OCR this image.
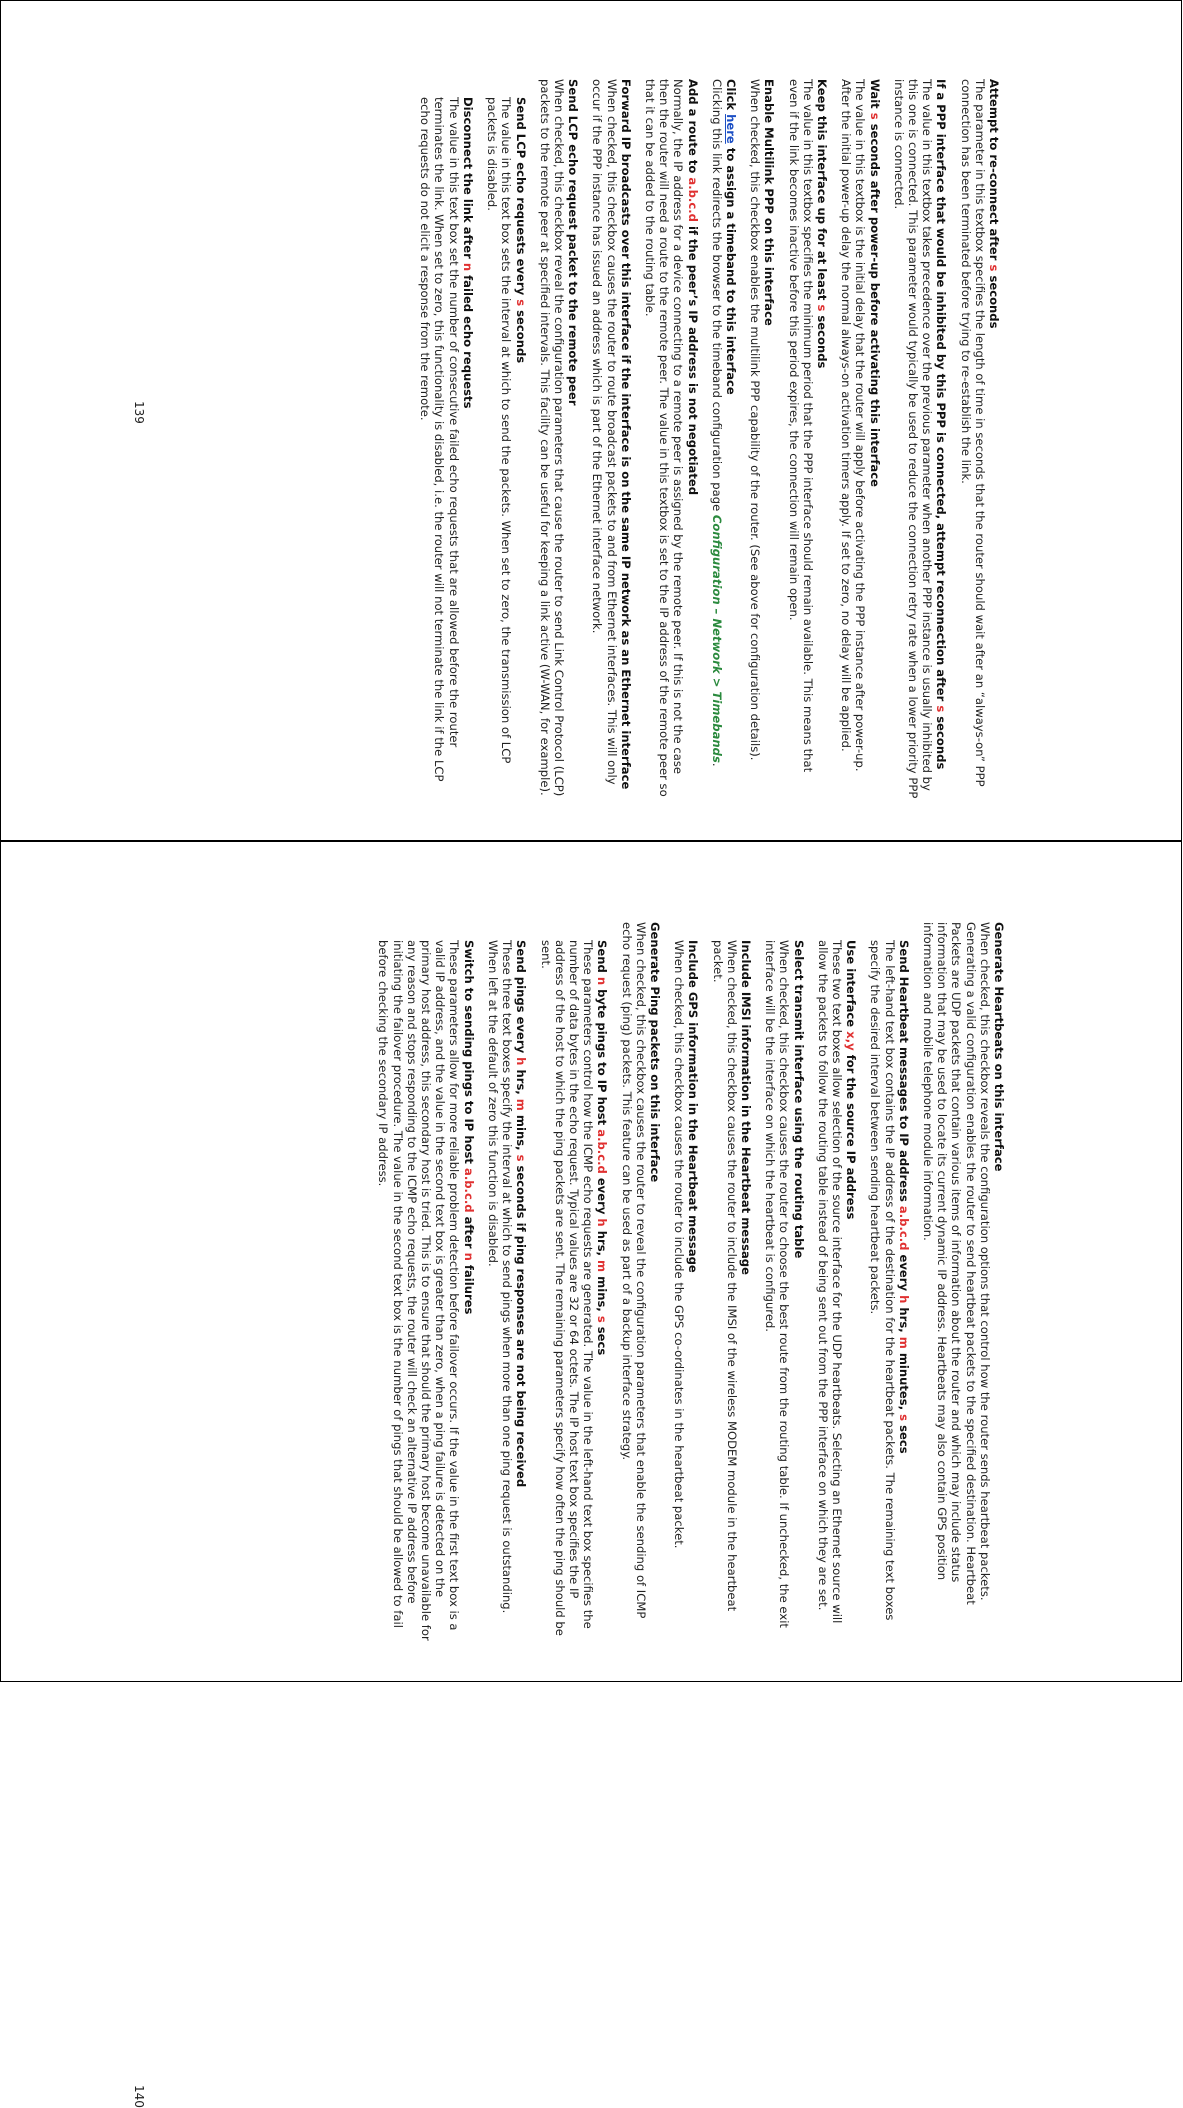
Attempt to re-connect after s seconds
The parameter in this textbox specifies the length of time in seconds that the router should wait after an “always-on” PPP connection has been terminated before trying to re-establish the link.
If a PPP interface that would be inhibited by this PPP is connected, attempt reconnection after s seconds
The value in this textbox takes precedence over the previous parameter when another PPP instance is usually inhibited by this one is connected. This parameter would typically be used to reduce the connection retry rate when a lower priority PPP instance is connected.
Wait s seconds after power-up before activating this interface
The value in this textbox is the initial delay that the router will apply before activating the PPP instance after power-up. After the initial power-up delay the normal always-on activation timers apply. If set to zero, no delay will be applied.
Keep this interface up for at least s seconds
The value in this textbox specifies the minimum period that the PPP interface should remain available. This means that even if the link becomes inactive before this period expires, the connection will remain open.
Enable Multilink PPP on this interface
When checked, this checkbox enables the multilink PPP capability of the router. (See above for configuration details).
Click here to assign a timeband to this interface
Clicking this link redirects the browser to the timeband configuration page Configuration – Network > Timebands.
Add a route to a.b.c.d if the peer’s IP address is not negotiated
Normally, the IP address for a device connecting to a remote peer is assigned by the remote peer. If this is not the case then the router will need a route to the remote peer. The value in this textbox is set to the IP address of the remote peer so that it can be added to the routing table.
Forward IP broadcasts over this interface if the interface is on the same IP network as an Ethernet interface
When checked, this checkbox causes the router to route broadcast packets to and from Ethernet interfaces. This will only occur if the PPP instance has issued an address which is part of the Ethernet interface network.
Send LCP echo request packet to the remote peer
When checked, this checkbox reveal the configuration parameters that cause the router to send Link Control Protocol (LCP) packets to the remote peer at specified intervals. This facility can be useful for keeping a link active (W-WAN, for example).
Send LCP echo requests every s seconds
The value in this text box sets the interval at which to send the packets. When set to zero, the transmission of LCP packets is disabled.
Disconnect the link after n failed echo requests
The value in this text box set the number of consecutive failed echo requests that are allowed before the router terminates the link. When set to zero, this functionality is disabled, i.e. the router will not terminate the link if the LCP echo requests do not elicit a response from the remote.
139
Generate Heartbeats on this interface
When checked, this checkbox reveals the configuration options that control how the router sends heartbeat packets. Generating a valid configuration enables the router to send heartbeat packets to the specified destination. Heartbeat Packets are UDP packets that contain various items of information about the router and which may include status information that may be used to locate its current dynamic IP address. Heartbeats may also contain GPS position information and mobile telephone module information.
Send Heartbeat messages to IP address a.b.c.d every h hrs, m minutes, s secs
The left-hand text box contains the IP address of the destination for the heartbeat packets. The remaining text boxes specify the desired interval between sending heartbeat packets.
Use interface x,y for the source IP address
These two text boxes allow selection of the source interface for the UDP heartbeats. Selecting an Ethernet source will allow the packets to follow the routing table instead of being sent out from the PPP interface on which they are set.
Select transmit interface using the routing table
When checked, this checkbox causes the router to choose the best route from the routing table. If unchecked, the exit interface will be the interface on which the heartbeat is configured.
Include IMSI information in the Heartbeat message
When checked, this checkbox causes the router to include the IMSI of the wireless MODEM module in the heartbeat packet.
Include GPS information in the Heartbeat message
When checked, this checkbox causes the router to include the GPS co-ordinates in the heartbeat packet.
Generate Ping packets on this interface
When checked, this checkbox causes the router to reveal the configuration parameters that enable the sending of ICMP echo request (ping) packets. This feature can be used as part of a backup interface strategy.
Send n byte pings to IP host a.b.c.d every h hrs, m mins, s secs
These parameters control how the ICMP echo requests are generated. The value in the left-hand text box specifies the number of data bytes in the echo request. Typical values are 32 or 64 octets. The IP host text box specifies the IP address of the host to which the ping packets are sent. The remaining parameters specify how often the ping should be sent.
Send pings every h hrs, m mins, s seconds if ping responses are not being received
These three text boxes specify the interval at which to send pings when more than one ping request is outstanding. When left at the default of zero this function is disabled.
Switch to sending pings to IP host a.b.c.d after n failures
These parameters allow for more reliable problem detection before failover occurs. If the value in the first text box is a valid IP address, and the value in the second text box is greater than zero, when a ping failure is detected on the primary host address, this secondary host is tried. This is to ensure that should the primary host become unavailable for any reason and stops responding to the ICMP echo requests, the router will check an alternative IP address before initiating the failover procedure. The value in the second text box is the number of pings that should be allowed to fail before checking the secondary IP address.
140
